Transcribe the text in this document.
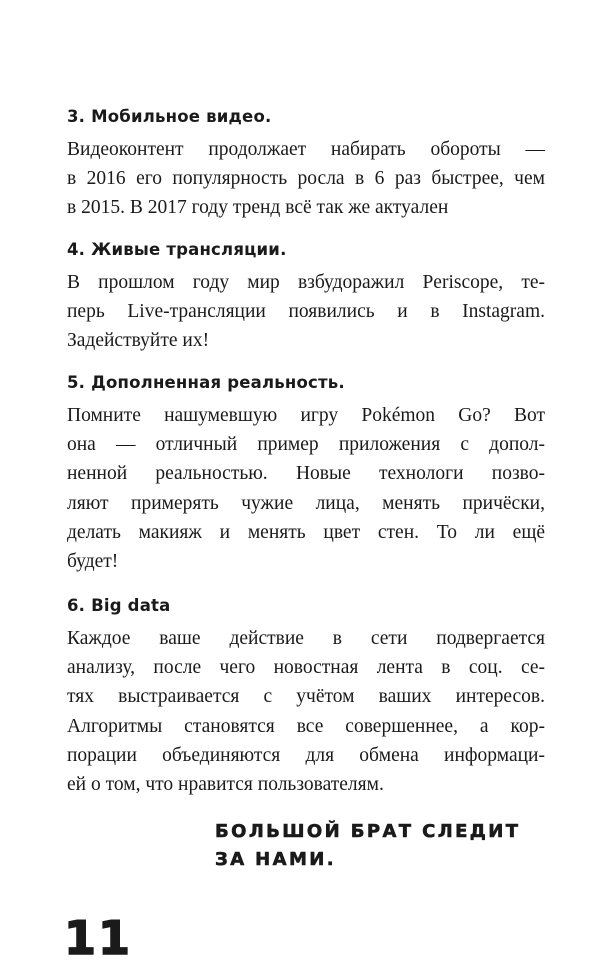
3. Мобильное видео.
Видеоконтент продолжает набирать обороты —
в 2016 его популярность росла в 6 раз быстрее, чем
в 2015. В 2017 году тренд всё так же актуален
4. Живые трансляции.
В прошлом году мир взбудоражил Periscope, те-
перь Live-трансляции появились и в Instagram.
Задействуйте их!
5. Дополненная реальность.
Помните нашумевшую игру Pokémon Go? Вот
она — отличный пример приложения с допол-
ненной реальностью. Новые технологи позво-
ляют примерять чужие лица, менять причёски,
делать макияж и менять цвет стен. То ли ещё
будет!
6. Big data
Каждое ваше действие в сети подвергается
анализу, после чего новостная лента в соц. се-
тях выстраивается с учётом ваших интересов.
Алгоритмы становятся все совершеннее, а кор-
порации объединяются для обмена информаци-
ей о том, что нравится пользователям.
БОЛЬШОЙ БРАТ СЛЕДИТ
ЗА НАМИ.
11
